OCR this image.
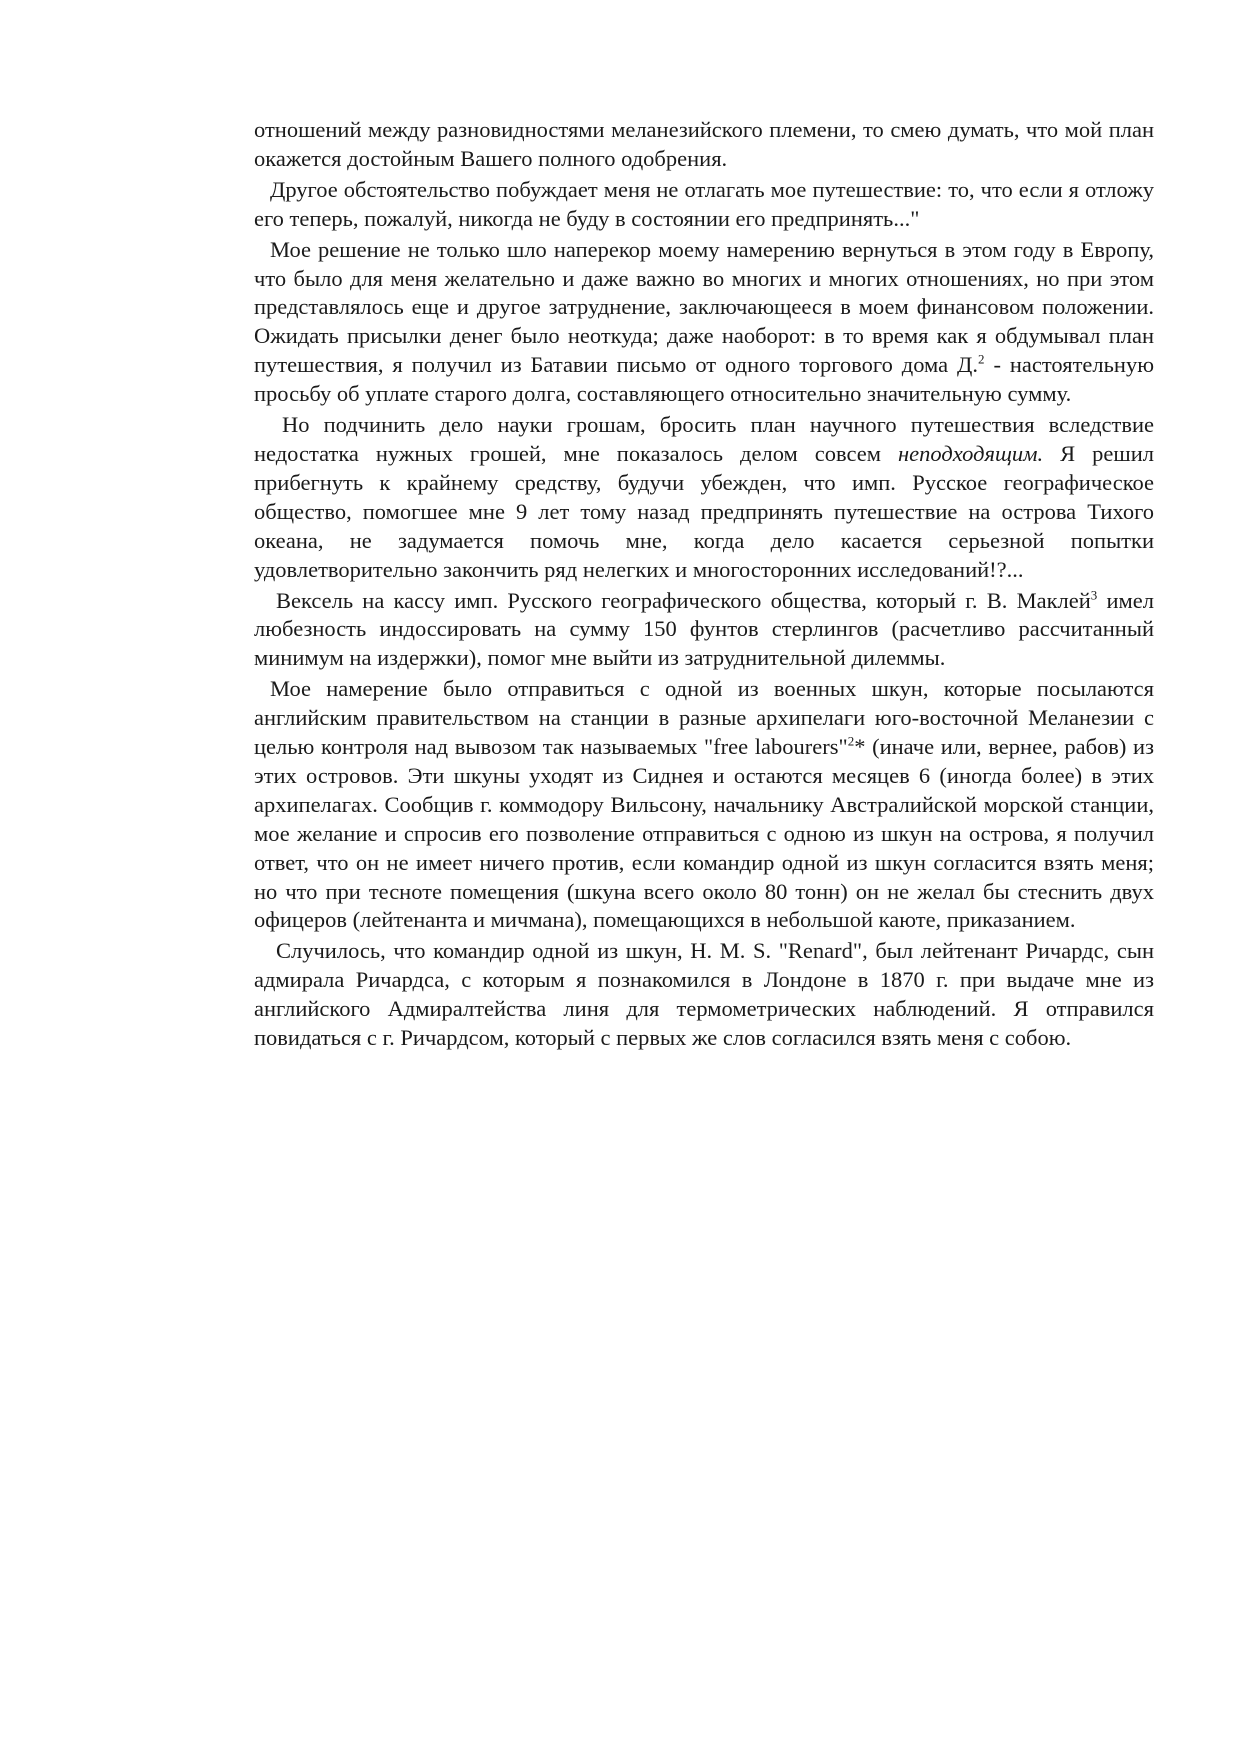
отношений между разновидностями меланезийского племени, то смею думать, что мой план окажется достойным Вашего полного одобрения.

Другое обстоятельство побуждает меня не отлагать мое путешествие: то, что если я отложу его теперь, пожалуй, никогда не буду в состоянии его предпринять..."

Мое решение не только шло наперекор моему намерению вернуться в этом году в Европу, что было для меня желательно и даже важно во многих и многих отношениях, но при этом представлялось еще и другое затруднение, заключающееся в моем финансовом положении. Ожидать присылки денег было неоткуда; даже наоборот: в то время как я обдумывал план путешествия, я получил из Батавии письмо от одного торгового дома Д.$^2$ - настоятельную просьбу об уплате старого долга, составляющего относительно значительную сумму.

Но подчинить дело науки грошам, бросить план научного путешествия вследствие недостатка нужных грошей, мне показалось делом совсем неподходящим. Я решил прибегнуть к крайнему средству, будучи убежден, что имп. Русское географическое общество, помогшее мне 9 лет тому назад предпринять путешествие на острова Тихого океана, не задумается помочь мне, когда дело касается серьезной попытки удовлетворительно закончить ряд нелегких и многосторонних исследований!?...

Вексель на кассу имп. Русского географического общества, который г. В. Маклей$^3$ имел любезность индоссировать на сумму 150 фунтов стерлингов (расчетливо рассчитанный минимум на издержки), помог мне выйти из затруднительной дилеммы.

Мое намерение было отправиться с одной из военных шкун, которые посылаются английским правительством на станции в разные архипелаги юго-восточной Меланезии с целью контроля над вывозом так называемых "free labourers"$^2$* (иначе или, вернее, рабов) из этих островов. Эти шкуны уходят из Сиднея и остаются месяцев 6 (иногда более) в этих архипелагах. Сообщив г. коммодору Вильсону, начальнику Австралийской морской станции, мое желание и спросив его позволение отправиться с одною из шкун на острова, я получил ответ, что он не имеет ничего против, если командир одной из шкун согласится взять меня; но что при тесноте помещения (шкуна всего около 80 тонн) он не желал бы стеснить двух офицеров (лейтенанта и мичмана), помещающихся в небольшой каюте, приказанием.

Случилось, что командир одной из шкун, H. M. S. "Renard", был лейтенант Ричардс, сын адмирала Ричардса, с которым я познакомился в Лондоне в 1870 г. при выдаче мне из английского Адмиралтейства линя для термометрических наблюдений. Я отправился повидаться с г. Ричардсом, который с первых же слов согласился взять меня с собою.
